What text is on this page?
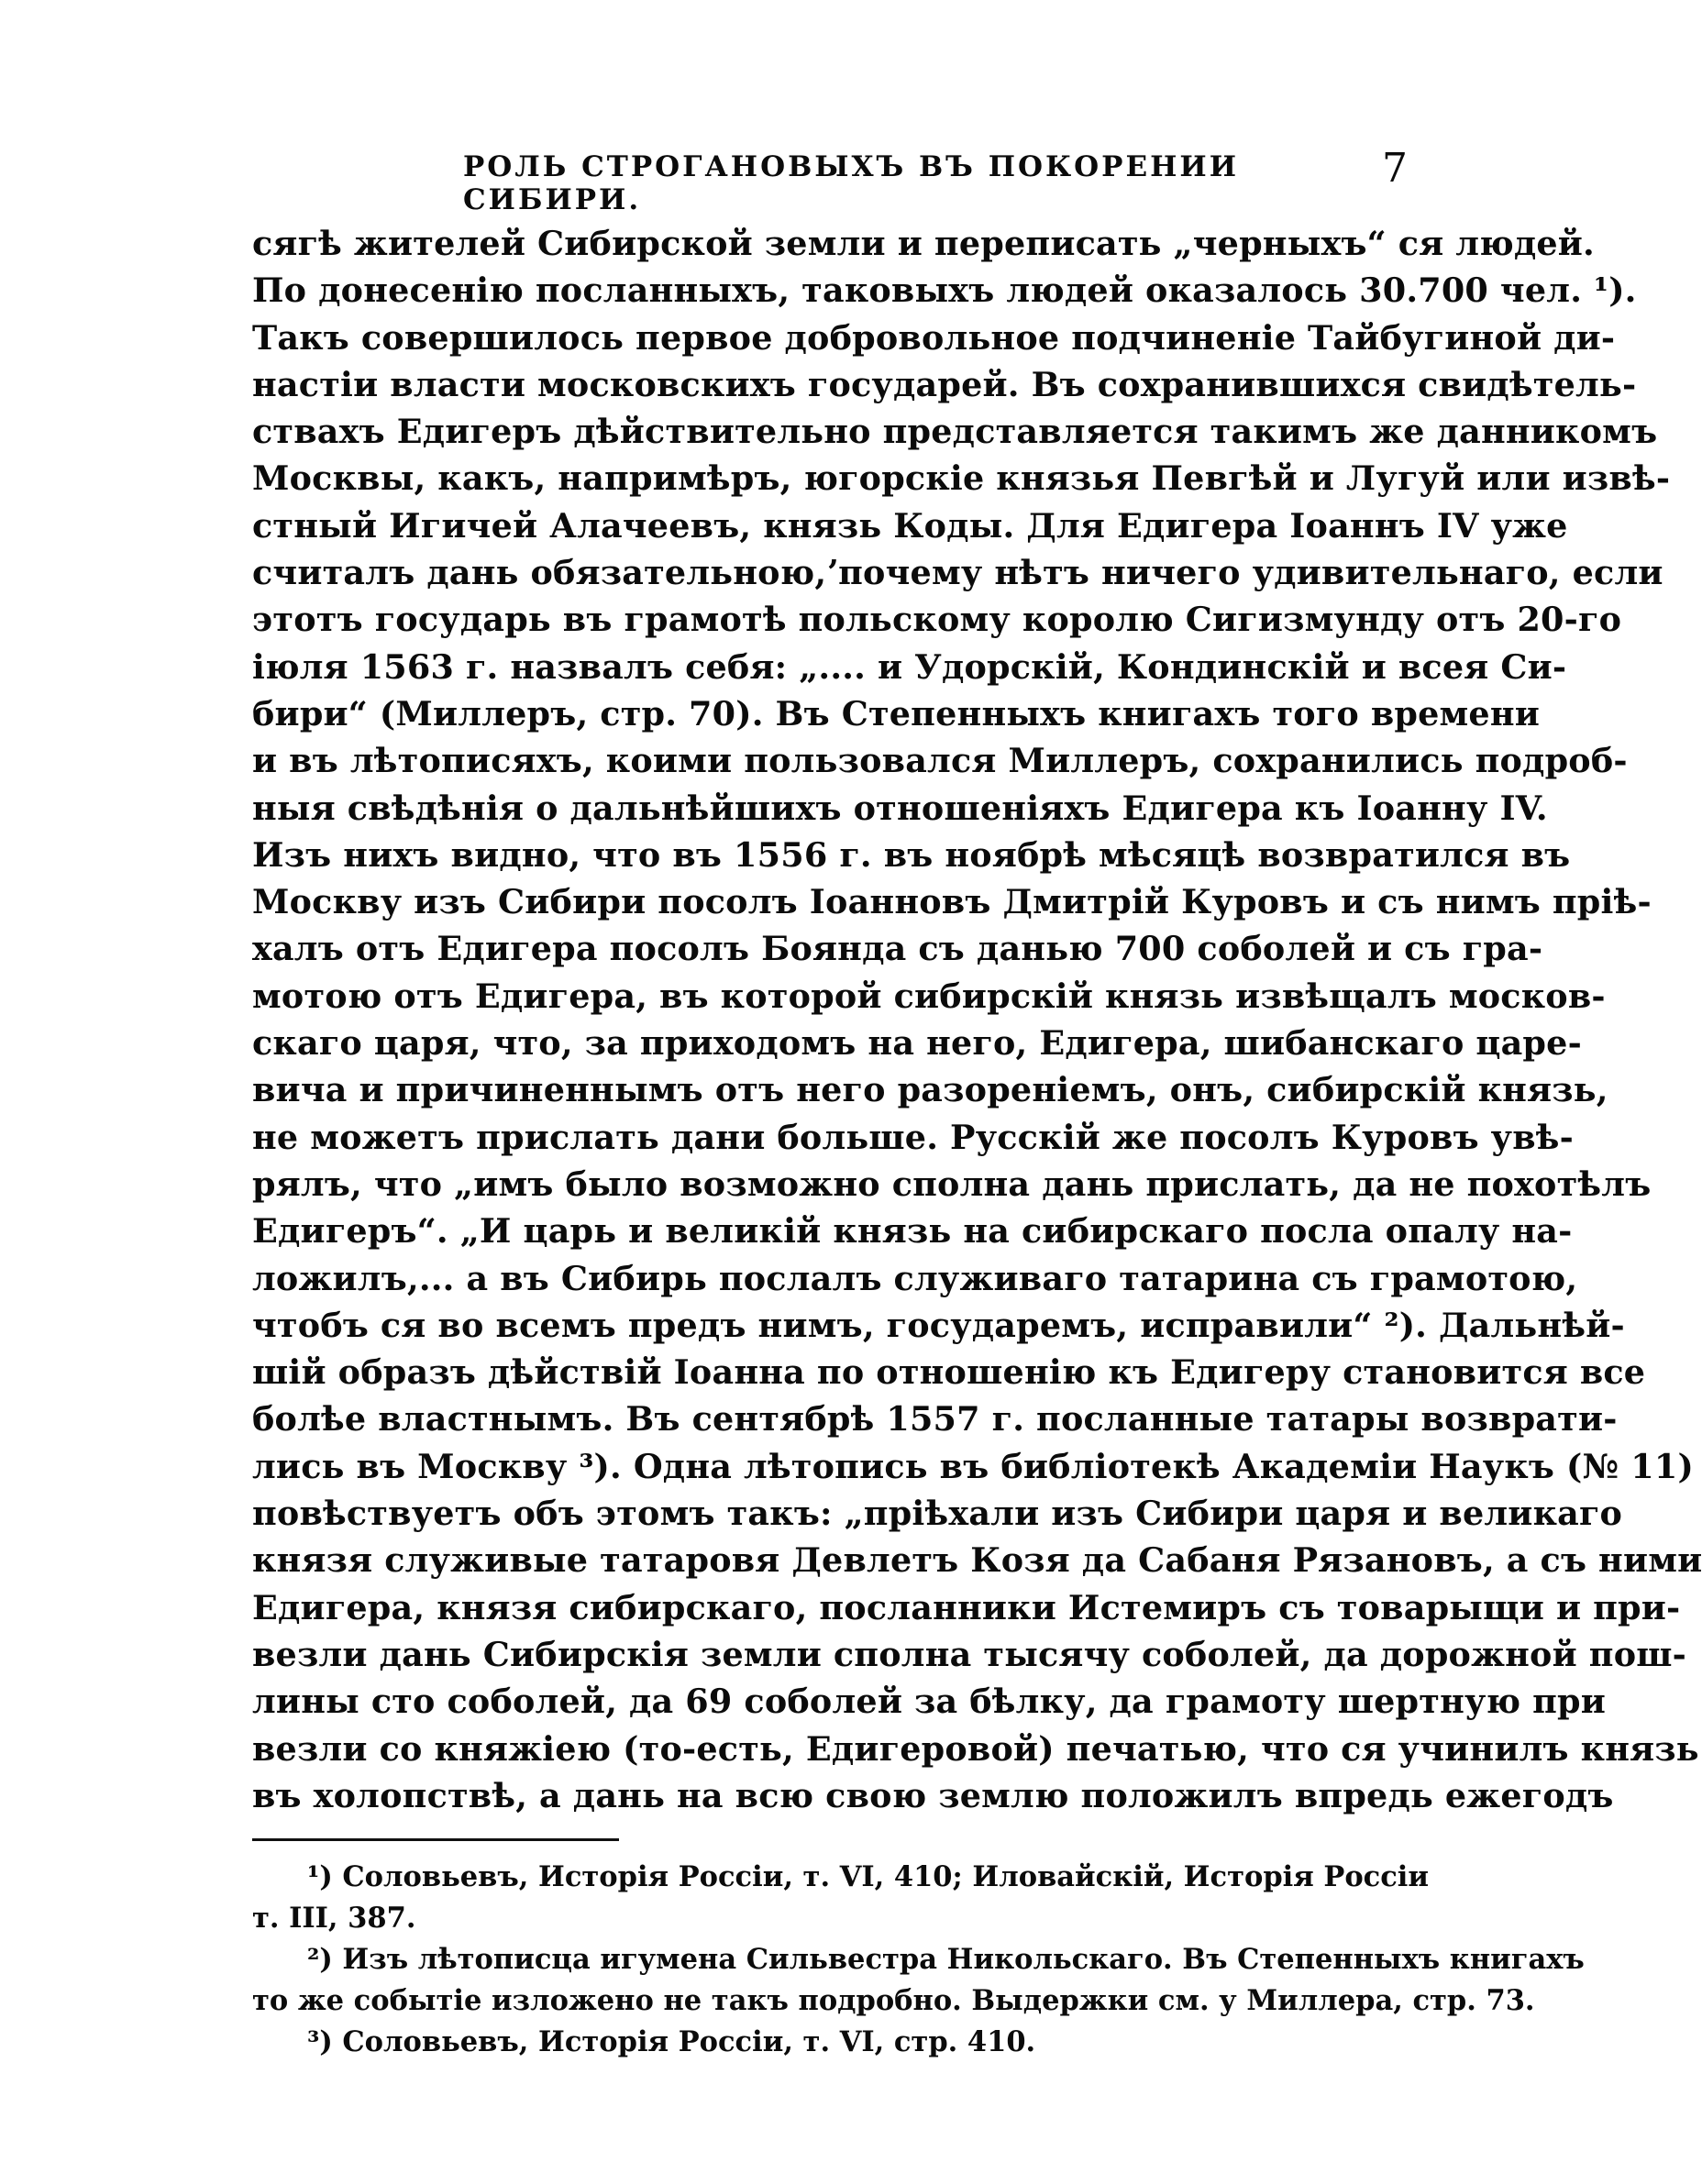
РОЛЬ СТРОГАНОВЫХЪ ВЪ ПОКОРЕНИИ СИБИРИ.
7
сягѣ жителей Сибирской земли и переписать „черныхъ“ ся людей.
По донесенію посланныхъ, таковыхъ людей оказалось 30.700 чел. ¹).
Такъ совершилось первое добровольное подчиненіе Тайбугиной ди-
настіи власти московскихъ государей. Въ сохранившихся свидѣтель-
ствахъ Едигеръ дѣйствительно представляется такимъ же данникомъ
Москвы, какъ, напримѣръ, югорскіе князья Певгѣй и Лугуй или извѣ-
стный Игичей Алачеевъ, князь Коды. Для Едигера Іоаннъ IV уже
считалъ дань обязательною,ʼпочему нѣтъ ничего удивительнаго, если
этотъ государь въ грамотѣ польскому королю Сигизмунду отъ 20-го
іюля 1563 г. назвалъ себя: „.... и Удорскій, Кондинскій и всея Си-
бири“ (Миллеръ, стр. 70). Въ Степенныхъ книгахъ того времени
и въ лѣтописяхъ, коими пользовался Миллеръ, сохранились подроб-
ныя свѣдѣнія о дальнѣйшихъ отношеніяхъ Едигера къ Іоанну IV.
Изъ нихъ видно, что въ 1556 г. въ ноябрѣ мѣсяцѣ возвратился въ
Москву изъ Сибири посолъ Іоанновъ Дмитрій Куровъ и съ нимъ пріѣ-
халъ отъ Едигера посолъ Боянда съ данью 700 соболей и съ гра-
мотою отъ Едигера, въ которой сибирскій князь извѣщалъ москов-
скаго царя, что, за приходомъ на него, Едигера, шибанскаго царе-
вича и причиненнымъ отъ него разореніемъ, онъ, сибирскій князь,
не можетъ прислать дани больше. Русскій же посолъ Куровъ увѣ-
рялъ, что „имъ было возможно сполна дань прислать, да не похотѣлъ
Едигеръ“. „И царь и великій князь на сибирскаго посла опалу на-
ложилъ,... а въ Сибирь послалъ служиваго татарина съ грамотою,
чтобъ ся во всемъ предъ нимъ, государемъ, исправили“ ²). Дальнѣй-
шій образъ дѣйствій Іоанна по отношенію къ Едигеру становится все
болѣе властнымъ. Въ сентябрѣ 1557 г. посланные татары возврати-
лись въ Москву ³). Одна лѣтопись въ библіотекѣ Академіи Наукъ (№ 11)
повѣствуетъ объ этомъ такъ: „пріѣхали изъ Сибири царя и великаго
князя служивые татаровя Девлетъ Козя да Сабаня Рязановъ, а съ ними
Едигера, князя сибирскаго, посланники Истемиръ съ товарыщи и при-
везли дань Сибирскія земли сполна тысячу соболей, да дорожной пош-
лины сто соболей, да 69 соболей за бѣлку, да грамоту шертную при
везли со княжіею (то-есть, Едигеровой) печатью, что ся учинилъ князь
въ холопствѣ, а дань на всю свою землю положилъ впредь ежегодъ
¹) Соловьевъ, Исторія Россіи, т. VI, 410; Иловайскій, Исторія Россіи
т. III, 387.
²) Изъ лѣтописца игумена Сильвестра Никольскаго. Въ Степенныхъ книгахъ
то же событіе изложено не такъ подробно. Выдержки см. у Миллера, стр. 73.
³) Соловьевъ, Исторія Россіи, т. VI, стр. 410.
